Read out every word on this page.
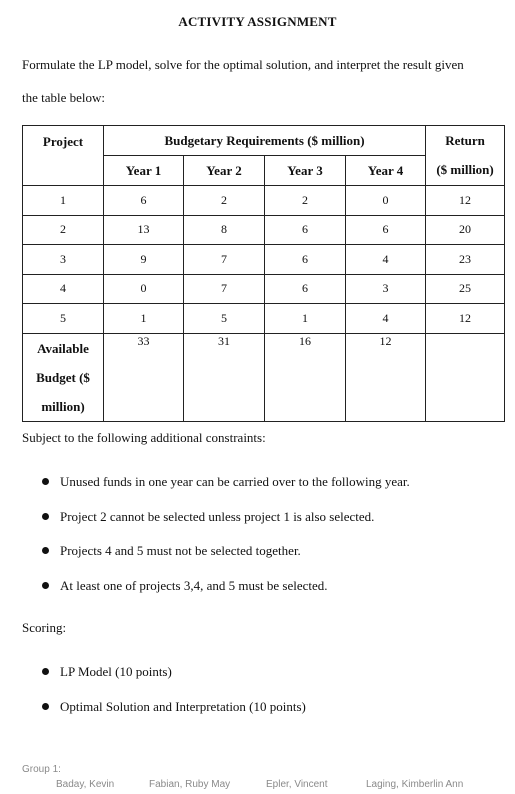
ACTIVITY ASSIGNMENT
Formulate the LP model, solve for the optimal solution, and interpret the result given
the table below:
Project	Budgetary Requirements ($ million)				Return
	Year 1	Year 2	Year 3	Year 4	($ million)
1	6	2	2	0	12
2	13	8	6	6	20
3	9	7	6	4	23
4	0	7	6	3	25
5	1	5	1	4	12

Available
Budget ($
million)	33	31	16	12	
Subject to the following additional constraints:
Unused funds in one year can be carried over to the following year.
Project 2 cannot be selected unless project 1 is also selected.
Projects 4 and 5 must not be selected together.
At least one of projects 3,4, and 5 must be selected.
Scoring:
LP Model (10 points)
Optimal Solution and Interpretation (10 points)
Group 1:
Baday, Kevin	Fabian, Ruby May	Epler, Vincent	Laging, Kimberlin Ann
